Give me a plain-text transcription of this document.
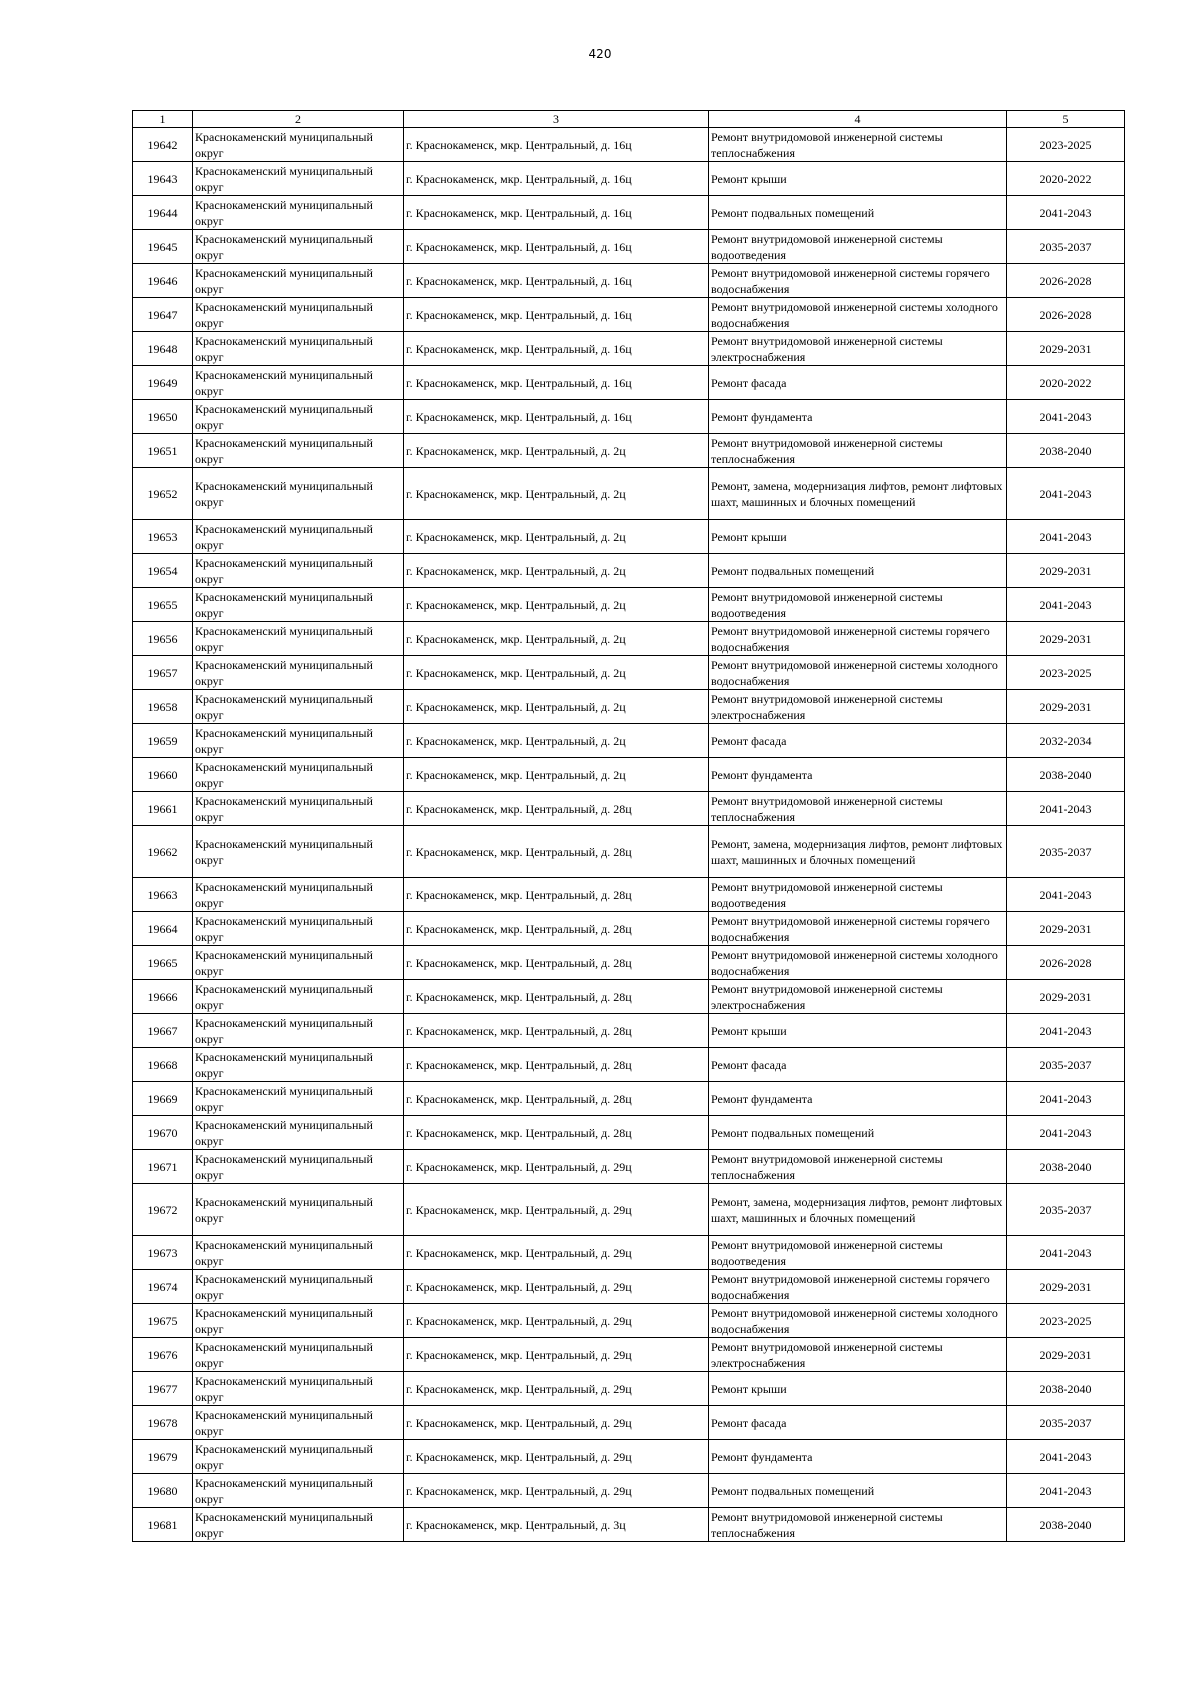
420
1	2	3	4	5
19642	Краснокаменский муниципальный округ	г. Краснокаменск, мкр. Центральный, д. 16ц	Ремонт внутридомовой инженерной системы теплоснабжения	2023-2025
19643	Краснокаменский муниципальный округ	г. Краснокаменск, мкр. Центральный, д. 16ц	Ремонт крыши	2020-2022
19644	Краснокаменский муниципальный округ	г. Краснокаменск, мкр. Центральный, д. 16ц	Ремонт подвальных помещений	2041-2043
19645	Краснокаменский муниципальный округ	г. Краснокаменск, мкр. Центральный, д. 16ц	Ремонт внутридомовой инженерной системы водоотведения	2035-2037
19646	Краснокаменский муниципальный округ	г. Краснокаменск, мкр. Центральный, д. 16ц	Ремонт внутридомовой инженерной системы горячего водоснабжения	2026-2028
19647	Краснокаменский муниципальный округ	г. Краснокаменск, мкр. Центральный, д. 16ц	Ремонт внутридомовой инженерной системы холодного водоснабжения	2026-2028
19648	Краснокаменский муниципальный округ	г. Краснокаменск, мкр. Центральный, д. 16ц	Ремонт внутридомовой инженерной системы электроснабжения	2029-2031
19649	Краснокаменский муниципальный округ	г. Краснокаменск, мкр. Центральный, д. 16ц	Ремонт фасада	2020-2022
19650	Краснокаменский муниципальный округ	г. Краснокаменск, мкр. Центральный, д. 16ц	Ремонт фундамента	2041-2043
19651	Краснокаменский муниципальный округ	г. Краснокаменск, мкр. Центральный, д. 2ц	Ремонт внутридомовой инженерной системы теплоснабжения	2038-2040
19652	Краснокаменский муниципальный округ	г. Краснокаменск, мкр. Центральный, д. 2ц	Ремонт, замена, модернизация лифтов, ремонт лифтовых шахт, машинных и блочных помещений	2041-2043
19653	Краснокаменский муниципальный округ	г. Краснокаменск, мкр. Центральный, д. 2ц	Ремонт крыши	2041-2043
19654	Краснокаменский муниципальный округ	г. Краснокаменск, мкр. Центральный, д. 2ц	Ремонт подвальных помещений	2029-2031
19655	Краснокаменский муниципальный округ	г. Краснокаменск, мкр. Центральный, д. 2ц	Ремонт внутридомовой инженерной системы водоотведения	2041-2043
19656	Краснокаменский муниципальный округ	г. Краснокаменск, мкр. Центральный, д. 2ц	Ремонт внутридомовой инженерной системы горячего водоснабжения	2029-2031
19657	Краснокаменский муниципальный округ	г. Краснокаменск, мкр. Центральный, д. 2ц	Ремонт внутридомовой инженерной системы холодного водоснабжения	2023-2025
19658	Краснокаменский муниципальный округ	г. Краснокаменск, мкр. Центральный, д. 2ц	Ремонт внутридомовой инженерной системы электроснабжения	2029-2031
19659	Краснокаменский муниципальный округ	г. Краснокаменск, мкр. Центральный, д. 2ц	Ремонт фасада	2032-2034
19660	Краснокаменский муниципальный округ	г. Краснокаменск, мкр. Центральный, д. 2ц	Ремонт фундамента	2038-2040
19661	Краснокаменский муниципальный округ	г. Краснокаменск, мкр. Центральный, д. 28ц	Ремонт внутридомовой инженерной системы теплоснабжения	2041-2043
19662	Краснокаменский муниципальный округ	г. Краснокаменск, мкр. Центральный, д. 28ц	Ремонт, замена, модернизация лифтов, ремонт лифтовых шахт, машинных и блочных помещений	2035-2037
19663	Краснокаменский муниципальный округ	г. Краснокаменск, мкр. Центральный, д. 28ц	Ремонт внутридомовой инженерной системы водоотведения	2041-2043
19664	Краснокаменский муниципальный округ	г. Краснокаменск, мкр. Центральный, д. 28ц	Ремонт внутридомовой инженерной системы горячего водоснабжения	2029-2031
19665	Краснокаменский муниципальный округ	г. Краснокаменск, мкр. Центральный, д. 28ц	Ремонт внутридомовой инженерной системы холодного водоснабжения	2026-2028
19666	Краснокаменский муниципальный округ	г. Краснокаменск, мкр. Центральный, д. 28ц	Ремонт внутридомовой инженерной системы электроснабжения	2029-2031
19667	Краснокаменский муниципальный округ	г. Краснокаменск, мкр. Центральный, д. 28ц	Ремонт крыши	2041-2043
19668	Краснокаменский муниципальный округ	г. Краснокаменск, мкр. Центральный, д. 28ц	Ремонт фасада	2035-2037
19669	Краснокаменский муниципальный округ	г. Краснокаменск, мкр. Центральный, д. 28ц	Ремонт фундамента	2041-2043
19670	Краснокаменский муниципальный округ	г. Краснокаменск, мкр. Центральный, д. 28ц	Ремонт подвальных помещений	2041-2043
19671	Краснокаменский муниципальный округ	г. Краснокаменск, мкр. Центральный, д. 29ц	Ремонт внутридомовой инженерной системы теплоснабжения	2038-2040
19672	Краснокаменский муниципальный округ	г. Краснокаменск, мкр. Центральный, д. 29ц	Ремонт, замена, модернизация лифтов, ремонт лифтовых шахт, машинных и блочных помещений	2035-2037
19673	Краснокаменский муниципальный округ	г. Краснокаменск, мкр. Центральный, д. 29ц	Ремонт внутридомовой инженерной системы водоотведения	2041-2043
19674	Краснокаменский муниципальный округ	г. Краснокаменск, мкр. Центральный, д. 29ц	Ремонт внутридомовой инженерной системы горячего водоснабжения	2029-2031
19675	Краснокаменский муниципальный округ	г. Краснокаменск, мкр. Центральный, д. 29ц	Ремонт внутридомовой инженерной системы холодного водоснабжения	2023-2025
19676	Краснокаменский муниципальный округ	г. Краснокаменск, мкр. Центральный, д. 29ц	Ремонт внутридомовой инженерной системы электроснабжения	2029-2031
19677	Краснокаменский муниципальный округ	г. Краснокаменск, мкр. Центральный, д. 29ц	Ремонт крыши	2038-2040
19678	Краснокаменский муниципальный округ	г. Краснокаменск, мкр. Центральный, д. 29ц	Ремонт фасада	2035-2037
19679	Краснокаменский муниципальный округ	г. Краснокаменск, мкр. Центральный, д. 29ц	Ремонт фундамента	2041-2043
19680	Краснокаменский муниципальный округ	г. Краснокаменск, мкр. Центральный, д. 29ц	Ремонт подвальных помещений	2041-2043
19681	Краснокаменский муниципальный округ	г. Краснокаменск, мкр. Центральный, д. 3ц	Ремонт внутридомовой инженерной системы теплоснабжения	2038-2040
